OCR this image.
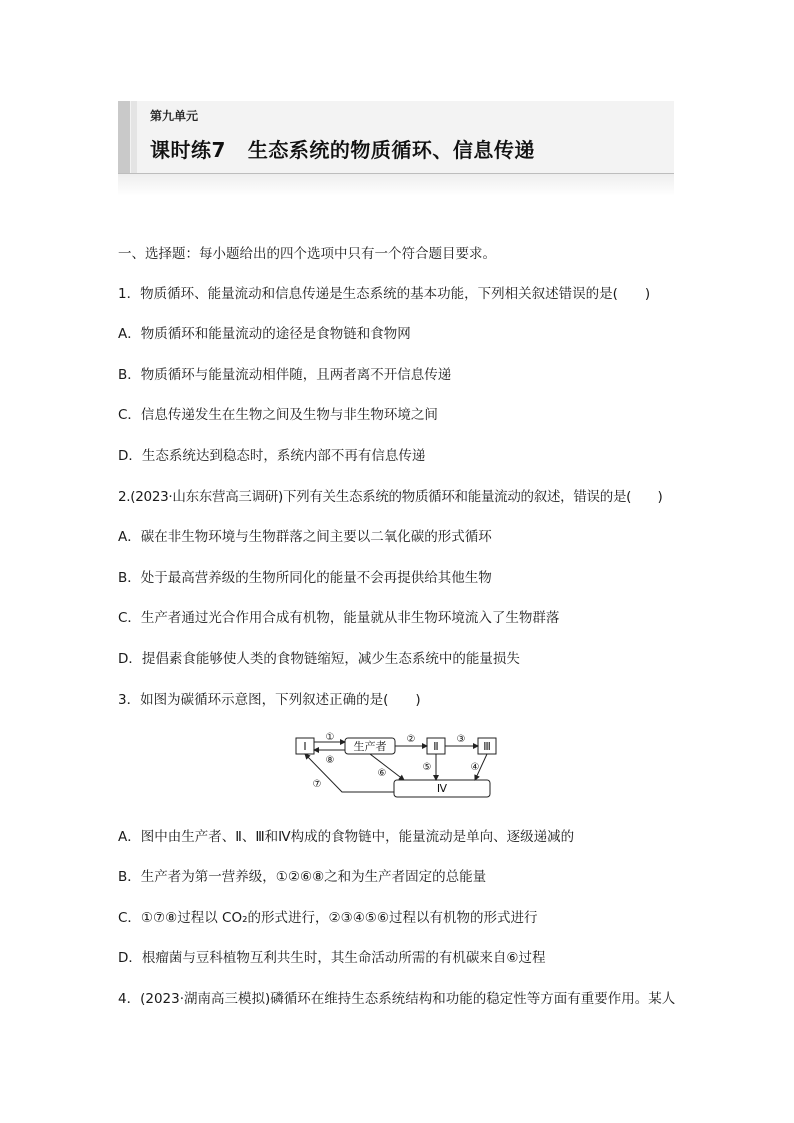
第九单元
课时练7 生态系统的物质循环、信息传递
一、选择题：每小题给出的四个选项中只有一个符合题目要求。
1．物质循环、能量流动和信息传递是生态系统的基本功能，下列相关叙述错误的是(　　)
A．物质循环和能量流动的途径是食物链和食物网
B．物质循环与能量流动相伴随，且两者离不开信息传递
C．信息传递发生在生物之间及生物与非生物环境之间
D．生态系统达到稳态时，系统内部不再有信息传递
2.(2023·山东东营高三调研)下列有关生态系统的物质循环和能量流动的叙述，错误的是(　　)
A．碳在非生物环境与生物群落之间主要以二氧化碳的形式循环
B．处于最高营养级的生物所同化的能量不会再提供给其他生物
C．生产者通过光合作用合成有机物，能量就从非生物环境流入了生物群落
D．提倡素食能够使人类的食物链缩短，减少生态系统中的能量损失
3．如图为碳循环示意图，下列叙述正确的是(　　)
Ⅰ	生产者	Ⅱ	Ⅲ
Ⅳ
①	②	③
④
⑤
⑥
⑦
⑧
A．图中由生产者、Ⅱ、Ⅲ和Ⅳ构成的食物链中，能量流动是单向、逐级递减的
B．生产者为第一营养级，①②⑥⑧之和为生产者固定的总能量
C．①⑦⑧过程以 CO₂的形式进行，②③④⑤⑥过程以有机物的形式进行
D．根瘤菌与豆科植物互利共生时，其生命活动所需的有机碳来自⑥过程
4．(2023·湖南高三模拟)磷循环在维持生态系统结构和功能的稳定性等方面有重要作用。某人
